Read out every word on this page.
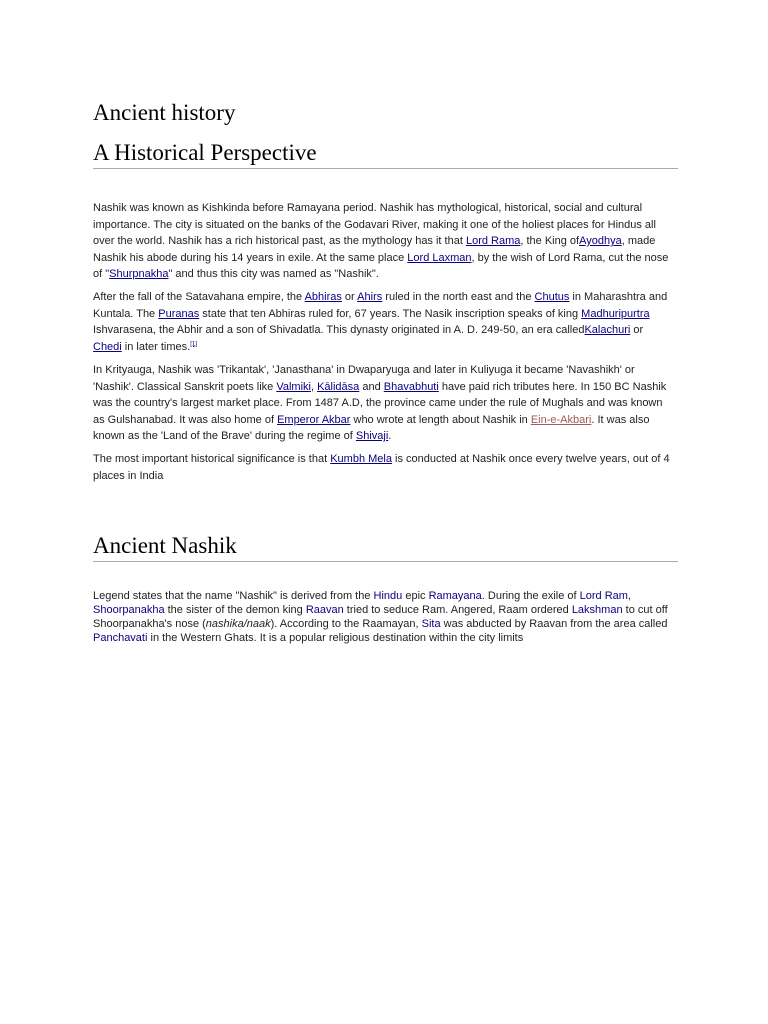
Ancient history
A Historical Perspective

Nashik was known as Kishkinda before Ramayana period. Nashik has mythological, historical, social and cultural importance. The city is situated on the banks of the Godavari River, making it one of the holiest places for Hindus all over the world. Nashik has a rich historical past, as the mythology has it that Lord Rama, the King ofAyodhya, made Nashik his abode during his 14 years in exile. At the same place Lord Laxman, by the wish of Lord Rama, cut the nose of "Shurpnakha" and thus this city was named as "Nashik".

After the fall of the Satavahana empire, the Abhiras or Ahirs ruled in the north east and the Chutus in Maharashtra and Kuntala. The Puranas state that ten Abhiras ruled for, 67 years. The Nasik inscription speaks of king Madhuripurtra Ishvarasena, the Abhir and a son of Shivadatla. This dynasty originated in A. D. 249-50, an era calledKalachuri or Chedi in later times.[1]

In Krityauga, Nashik was 'Trikantak', 'Janasthana' in Dwaparyuga and later in Kuliyuga it became 'Navashikh' or 'Nashik'. Classical Sanskrit poets like Valmiki, Kālidāsa and Bhavabhuti have paid rich tributes here. In 150 BC Nashik was the country's largest market place. From 1487 A.D, the province came under the rule of Mughals and was known as Gulshanabad. It was also home of Emperor Akbar who wrote at length about Nashik in Ein-e-Akbari. It was also known as the 'Land of the Brave' during the regime of Shivaji.

The most important historical significance is that Kumbh Mela is conducted at Nashik once every twelve years, out of 4 places in India

Ancient Nashik

Legend states that the name "Nashik" is derived from the Hindu epic Ramayana. During the exile of Lord Ram, Shoorpanakha the sister of the demon king Raavan tried to seduce Ram. Angered, Raam ordered Lakshman to cut off Shoorpanakha's nose (nashika/naak). According to the Raamayan, Sita was abducted by Raavan from the area called Panchavati in the Western Ghats. It is a popular religious destination within the city limits
